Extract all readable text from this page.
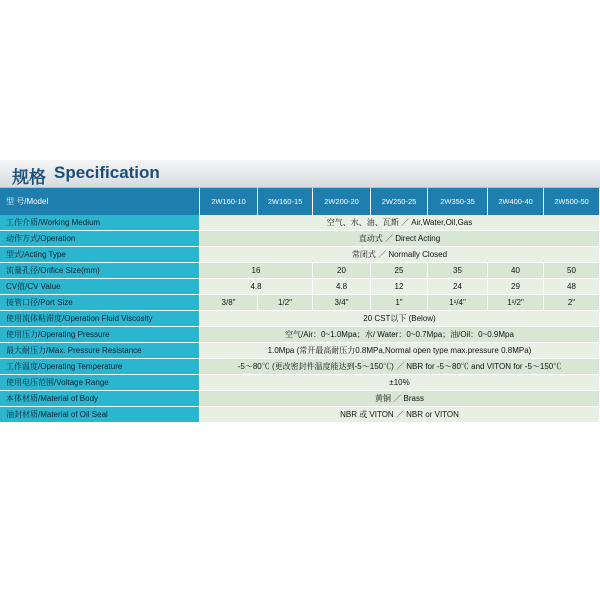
规格 Specification
型 号/Model	2W160-10	2W160-15	2W200-20	2W250-25	2W350-35	2W400-40	2W500-50
工作介质/Working Medium	空气、水、油、瓦斯 ／ Air,Water,Oil,Gas
动作方式/Operation	直动式 ／ Direct Acting
型式/Acting Type	常闭式 ／ Normally Closed
流量孔径/Orifice Size(mm)	16	20	25	35	40	50
CV值/CV Value	4.8	4.8	12	24	29	48
接管口径/Port Size	3/8"	1/2"	3/4"	1"	1¹/4"	1¹/2"	2"
使用流体粘滞度/Operation Fluid Viscosity	20 CST以下 (Below)
使用压力/Operating Pressure	空气/Air：0~1.0Mpa；水/ Water：0~0.7Mpa；油/Oil：0~0.9Mpa
最大耐压力/Max. Pressure Resistance	1.0Mpa (常开最高耐压力0.8MPa,Normal open type max.pressure 0.8MPa)
工作温度/Operating Temperature	-5～80℃ (更改密封件温度能达到-5～150℃) ／ NBR for -5～80℃ and VITON for -5～150℃
使用电压范围/Voltage Range	±10%
本体材质/Material of Body	黄铜 ／ Brass
油封材质/Material of Oil Seal	NBR 或 VITON ／ NBR or VITON
